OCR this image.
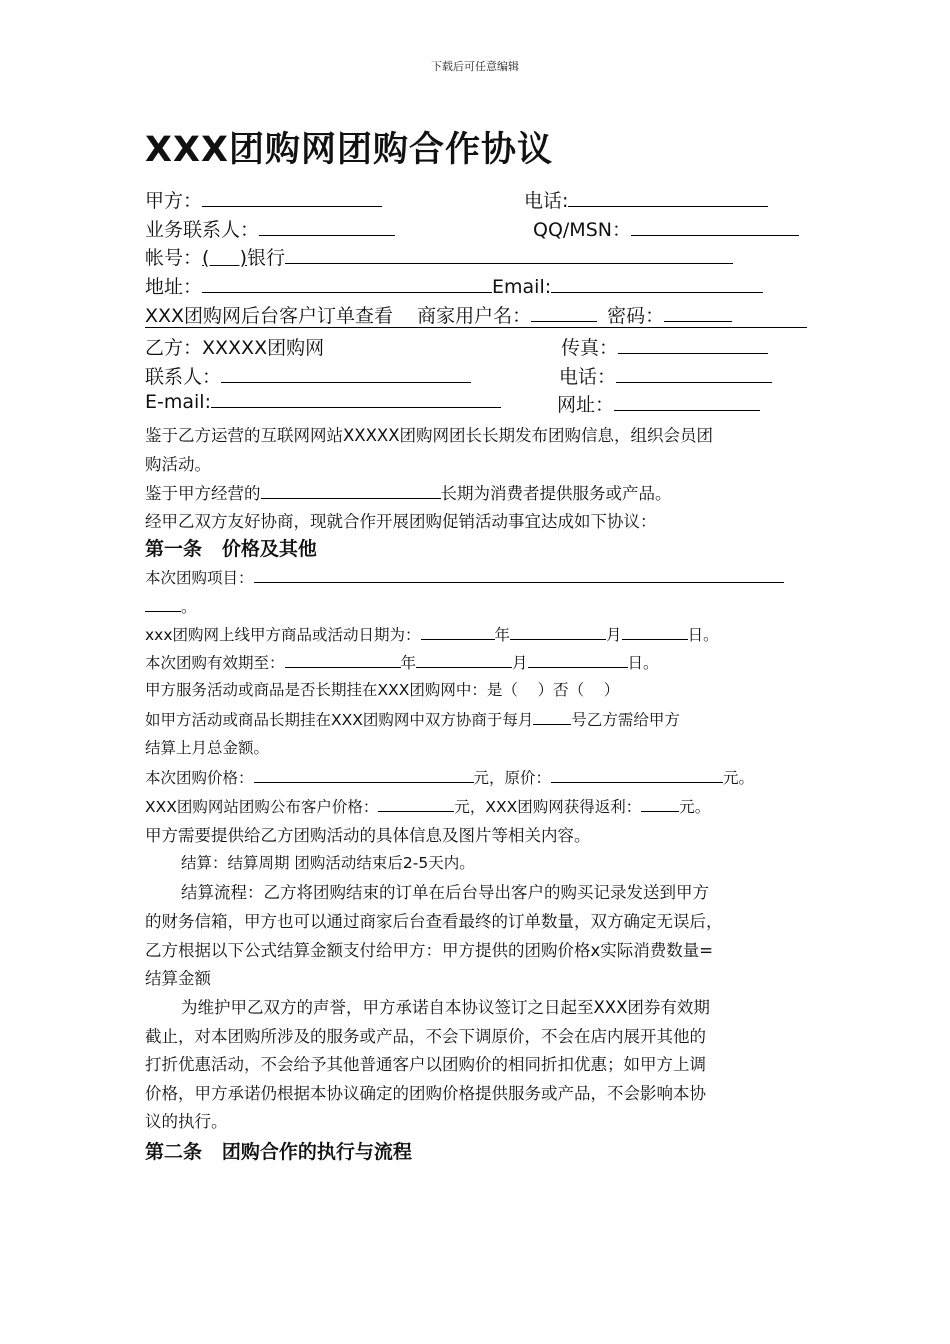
下载后可任意编辑
XXX团购网团购合作协议
甲方：	电话:
业务联系人：	QQ/MSN：
帐号：(     )银行
地址：	Email:
XXX团购网后台客户订单查看 商家用户名：	密码：
乙方：XXXXX团购网	传真：
联系人：	电话：
E-mail:	网址：
鉴于乙方运营的互联网网站XXXXX团购网团长长期发布团购信息，组织会员团
购活动。
鉴于甲方经营的	长期为消费者提供服务或产品。
经甲乙双方友好协商，现就合作开展团购促销活动事宜达成如下协议：
第一条   价格及其他
本次团购项目：
。
xxx团购网上线甲方商品或活动日期为：	年	月	日。
本次团购有效期至：	年	月	日。
甲方服务活动或商品是否长期挂在XXX团购网中：是（    ）否（    ）
如甲方活动或商品长期挂在XXX团购网中双方协商于每月 号乙方需给甲方
结算上月总金额。
本次团购价格：	元，原价：	元。
XXX团购网站团购公布客户价格：	元，XXX团购网获得返利： 元。
甲方需要提供给乙方团购活动的具体信息及图片等相关内容。
结算：结算周期 团购活动结束后2-5天内。
结算流程：乙方将团购结束的订单在后台导出客户的购买记录发送到甲方
的财务信箱，甲方也可以通过商家后台查看最终的订单数量，双方确定无误后，
乙方根据以下公式结算金额支付给甲方：甲方提供的团购价格x实际消费数量=
结算金额
为维护甲乙双方的声誉，甲方承诺自本协议签订之日起至XXX团券有效期
截止，对本团购所涉及的服务或产品，不会下调原价，不会在店内展开其他的
打折优惠活动，不会给予其他普通客户以团购价的相同折扣优惠；如甲方上调
价格，甲方承诺仍根据本协议确定的团购价格提供服务或产品，不会影响本协
议的执行。
第二条   团购合作的执行与流程
